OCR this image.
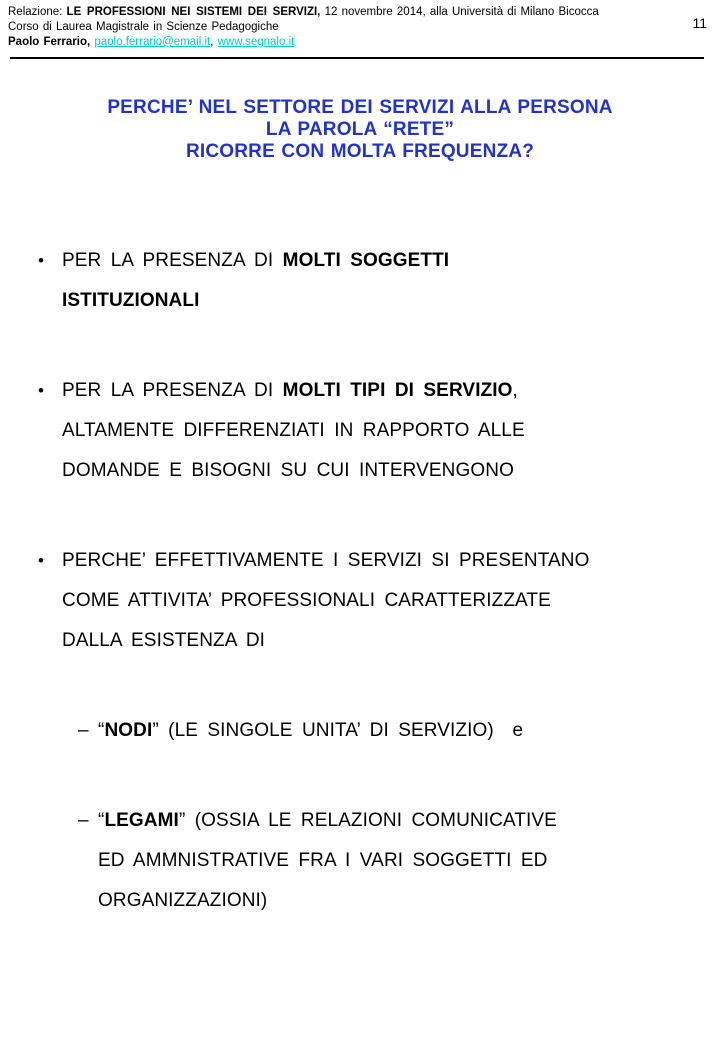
Relazione: LE PROFESSIONI NEI SISTEMI DEI SERVIZI, 12 novembre 2014, alla Università di Milano Bicocca
Corso di Laurea Magistrale in Scienze Pedagogiche
Paolo Ferrario, paolo.ferrario@email.it, www.segnalo.it
11
PERCHE’ NEL SETTORE DEI SERVIZI ALLA PERSONA
LA PAROLA “RETE”
RICORRE CON MOLTA FREQUENZA?
• PER LA PRESENZA DI MOLTI SOGGETTI
ISTITUZIONALI
• PER LA PRESENZA DI MOLTI TIPI DI SERVIZIO,
ALTAMENTE DIFFERENZIATI IN RAPPORTO ALLE
DOMANDE E BISOGNI SU CUI INTERVENGONO
• PERCHE’ EFFETTIVAMENTE I SERVIZI SI PRESENTANO
COME ATTIVITA’ PROFESSIONALI CARATTERIZZATE
DALLA ESISTENZA DI
– “NODI” (LE SINGOLE UNITA’ DI SERVIZIO)  e
– “LEGAMI” (OSSIA LE RELAZIONI COMUNICATIVE
ED AMMNISTRATIVE FRA I VARI SOGGETTI ED
ORGANIZZAZIONI)
